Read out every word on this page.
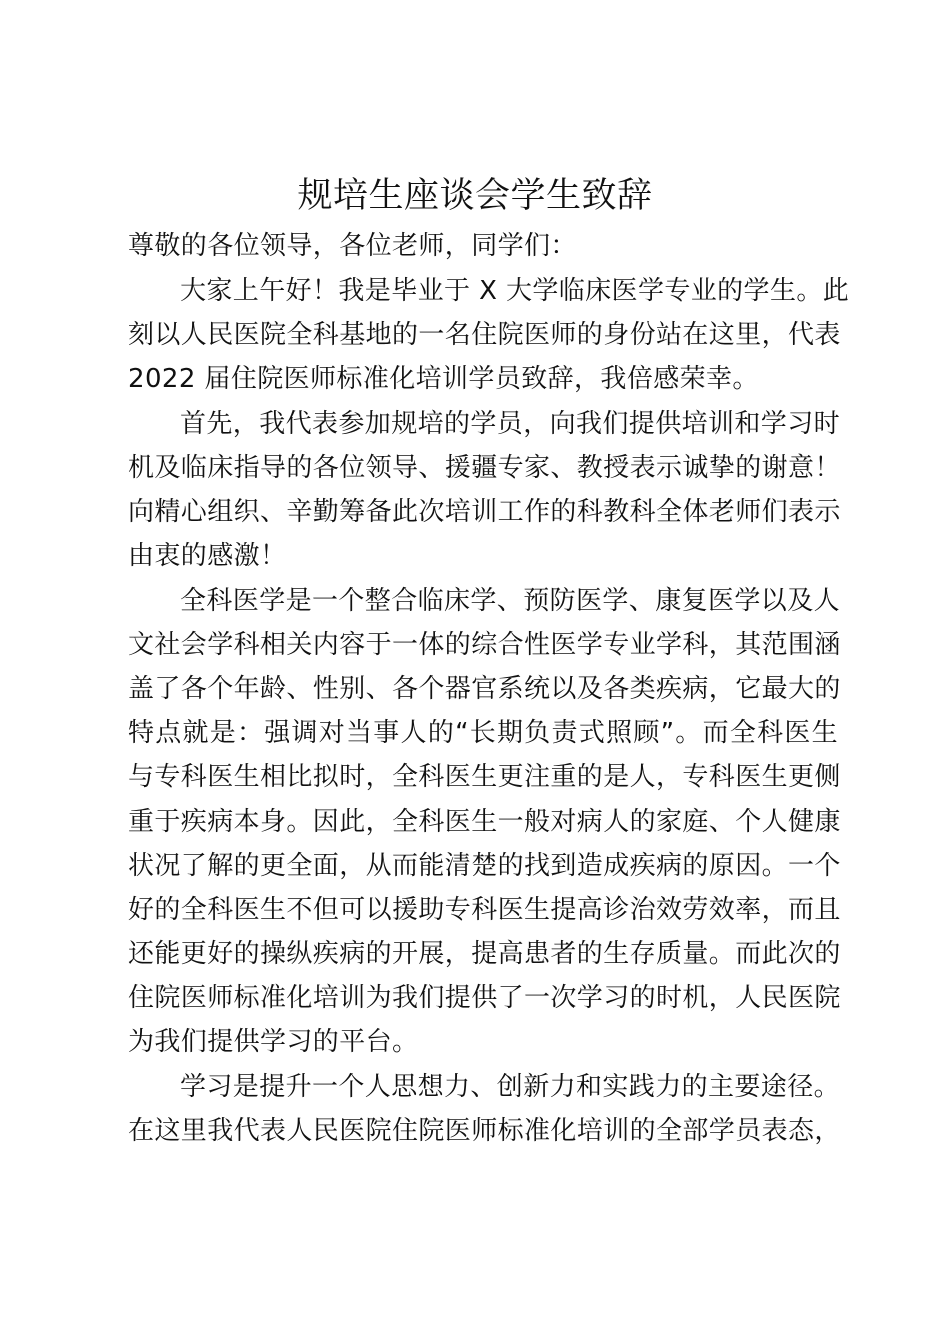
规培生座谈会学生致辞
尊敬的各位领导，各位老师，同学们：
大家上午好！我是毕业于 X 大学临床医学专业的学生。此
刻以人民医院全科基地的一名住院医师的身份站在这里，代表
2022 届住院医师标准化培训学员致辞，我倍感荣幸。
首先，我代表参加规培的学员，向我们提供培训和学习时
机及临床指导的各位领导、援疆专家、教授表示诚挚的谢意！
向精心组织、辛勤筹备此次培训工作的科教科全体老师们表示
由衷的感激！
全科医学是一个整合临床学、预防医学、康复医学以及人
文社会学科相关内容于一体的综合性医学专业学科，其范围涵
盖了各个年龄、性别、各个器官系统以及各类疾病，它最大的
特点就是：强调对当事人的“长期负责式照顾”。而全科医生
与专科医生相比拟时，全科医生更注重的是人，专科医生更侧
重于疾病本身。因此，全科医生一般对病人的家庭、个人健康
状况了解的更全面，从而能清楚的找到造成疾病的原因。一个
好的全科医生不但可以援助专科医生提高诊治效劳效率，而且
还能更好的操纵疾病的开展，提高患者的生存质量。而此次的
住院医师标准化培训为我们提供了一次学习的时机，人民医院
为我们提供学习的平台。
学习是提升一个人思想力、创新力和实践力的主要途径。
在这里我代表人民医院住院医师标准化培训的全部学员表态，
